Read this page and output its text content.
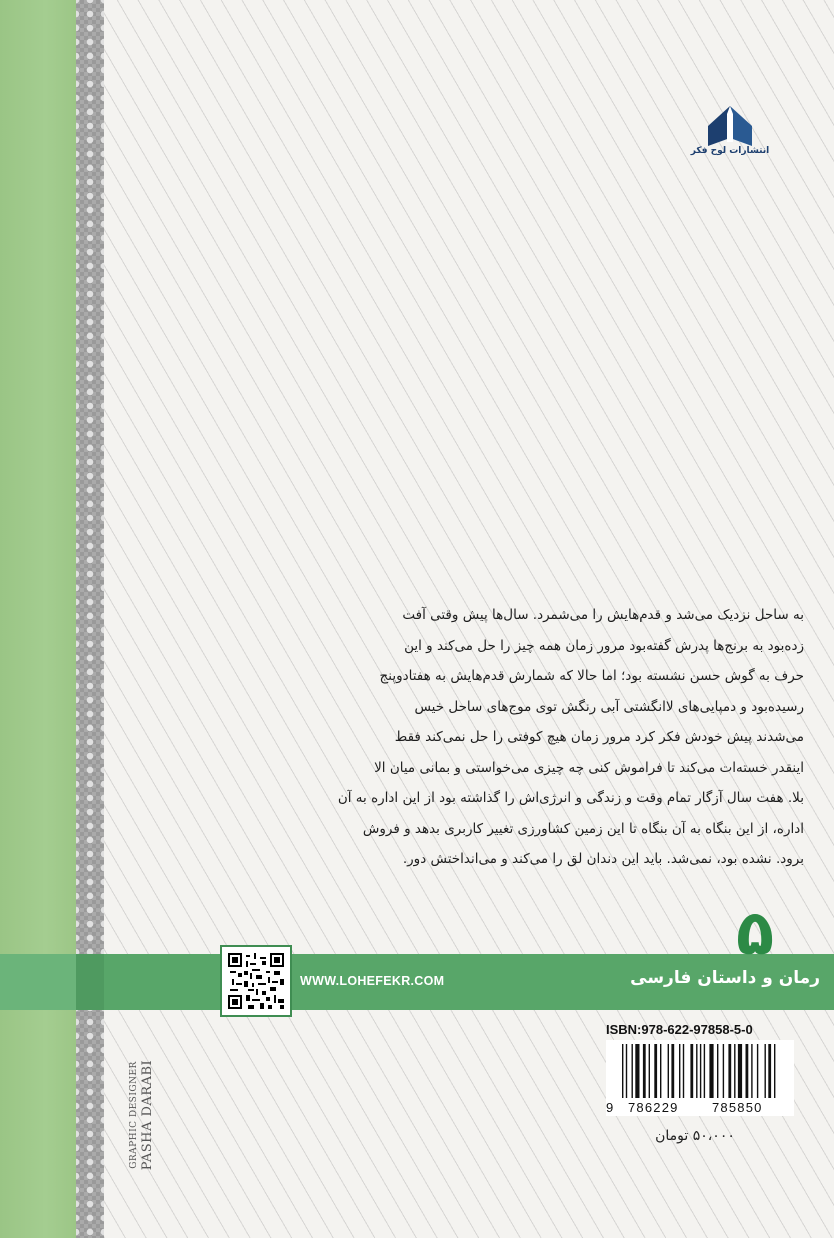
انتشارات لوح فکر

به ساحل نزدیک می‌شد و قدم‌هایش را می‌شمرد. سال‌ها پیش وقتی آفت

زده‌بود به برنج‌ها پدرش گفته‌بود مرور زمان همه چیز را حل می‌کند و این

حرف به گوش حسن نشسته بود؛ اما حالا که شمارش قدم‌هایش به هفتادوپنج

رسیده‌بود و دمپایی‌های لاانگشتی آبی رنگش توی موج‌های ساحل خیس

می‌شدند پیش خودش فکر کرد مرور زمان هیچ کوفتی را حل نمی‌کند فقط

اینقدر خسته‌ات می‌کند تا فراموش کنی چه چیزی می‌خواستی و بمانی میان الا

بلا. هفت سال آزگار تمام وقت و زندگی و انرژی‌اش را گذاشته بود از این اداره به آن

اداره، از این بنگاه به آن بنگاه تا این زمین کشاورزی تغییر کاربری بدهد و فروش

برود. نشده بود، نمی‌شد. باید این دندان لق را می‌کند و می‌انداختش دور.

۵
رمان و داستان فارسی
WWW.LOHEFEKR.COM
GRAPHIC DESIGNER PASHA DARABI
ISBN:978-622-97858-5-0
9 786229	785850
۵۰،۰۰۰ تومان
